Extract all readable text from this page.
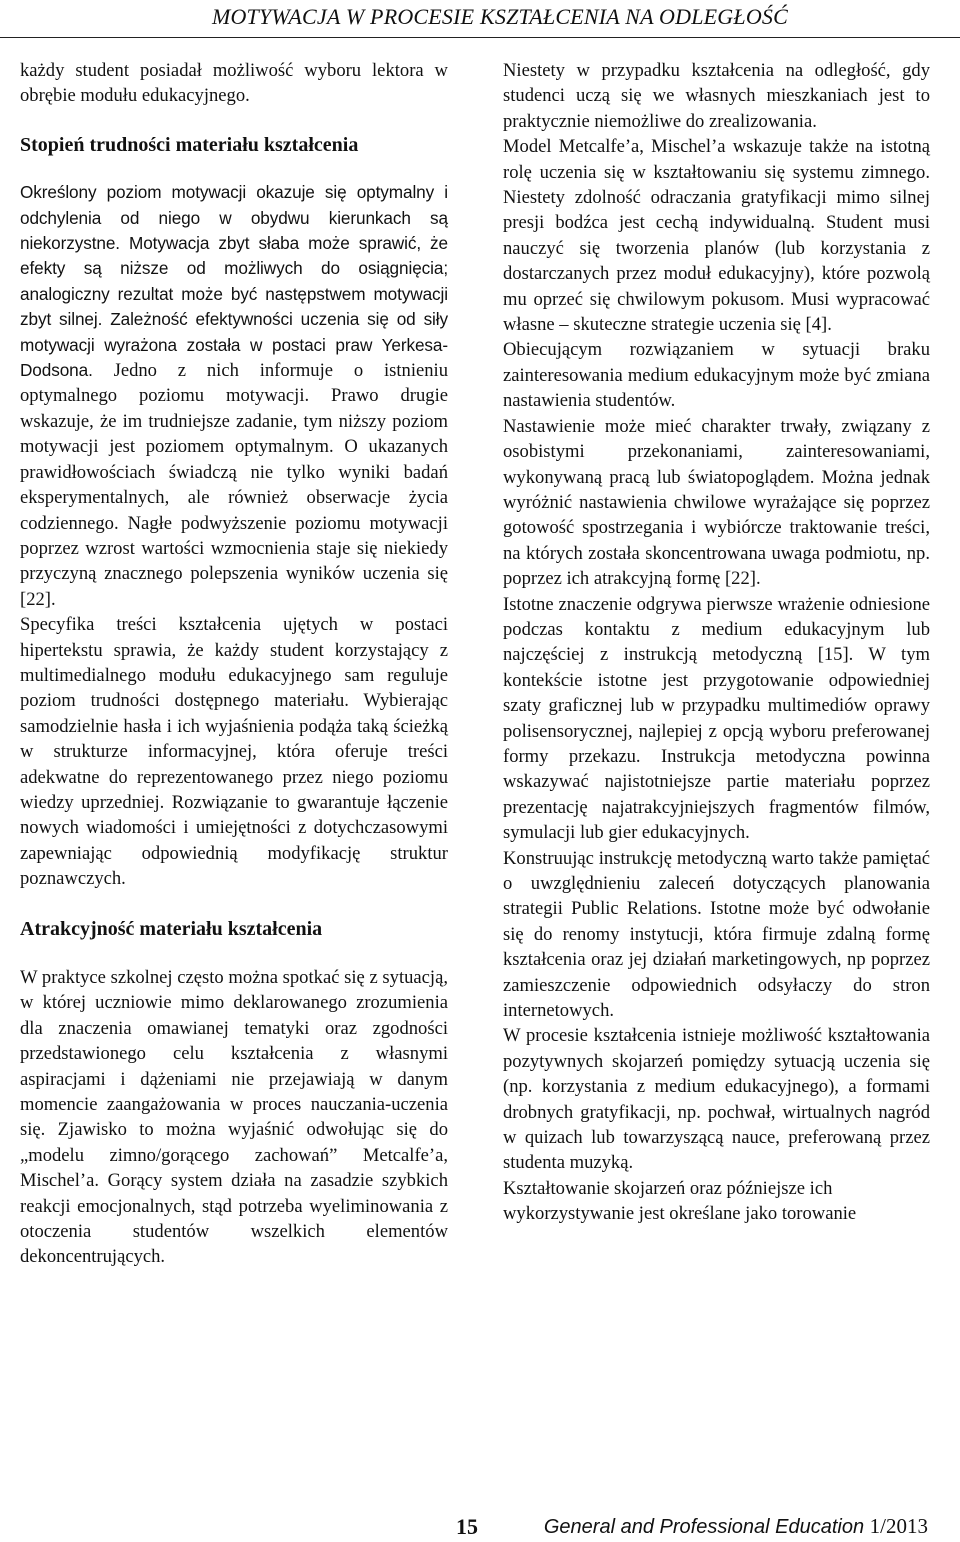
MOTYWACJA W PROCESIE KSZTAŁCENIA NA ODLEGŁOŚĆ

każdy student posiadał możliwość wyboru lektora w obrębie modułu edukacyjnego.

Stopień trudności materiału kształcenia

Określony poziom motywacji okazuje się optymalny i odchylenia od niego w obydwu kierunkach są niekorzystne. Motywacja zbyt słaba może sprawić, że efekty są niższe od możliwych do osiągnięcia; analogiczny rezultat może być następstwem motywacji zbyt silnej. Zależność efektywności uczenia się od siły motywacji wyrażona została w postaci praw Yerkesa-Dodsona. Jedno z nich informuje o istnieniu optymalnego poziomu motywacji. Prawo drugie wskazuje, że im trudniejsze zadanie, tym niższy poziom motywacji jest poziomem optymalnym. O ukazanych prawidłowościach świadczą nie tylko wyniki badań eksperymentalnych, ale również obserwacje życia codziennego. Nagłe podwyższenie poziomu motywacji poprzez wzrost wartości wzmocnienia staje się niekiedy przyczyną znacznego polepszenia wyników uczenia się [22].

Specyfika treści kształcenia ujętych w postaci hipertekstu sprawia, że każdy student korzystający z multimedialnego modułu edukacyjnego sam reguluje poziom trudności dostępnego materiału. Wybierając samodzielnie hasła i ich wyjaśnienia podąża taką ścieżką w strukturze informacyjnej, która oferuje treści adekwatne do reprezentowanego przez niego poziomu wiedzy uprzedniej. Rozwiązanie to gwarantuje łączenie nowych wiadomości i umiejętności z dotychczasowymi zapewniając odpowiednią modyfikację struktur poznawczych.

Atrakcyjność materiału kształcenia

W praktyce szkolnej często można spotkać się z sytuacją, w której uczniowie mimo deklarowanego zrozumienia dla znaczenia omawianej tematyki oraz zgodności przedstawionego celu kształcenia z własnymi aspiracjami i dążeniami nie przejawiają w danym momencie zaangażowania w proces nauczania-uczenia się. Zjawisko to można wyjaśnić odwołując się do „modelu zimno/gorącego zachowań” Metcalfe’a, Mischel’a. Gorący system działa na zasadzie szybkich reakcji emocjonalnych, stąd potrzeba wyeliminowania z otoczenia studentów wszelkich elementów dekoncentrujących.

Niestety w przypadku kształcenia na odległość, gdy studenci uczą się we własnych mieszkaniach jest to praktycznie niemożliwe do zrealizowania.

Model Metcalfe’a, Mischel’a wskazuje także na istotną rolę uczenia się w kształtowaniu się systemu zimnego. Niestety zdolność odraczania gratyfikacji mimo silnej presji bodźca jest cechą indywidualną. Student musi nauczyć się tworzenia planów (lub korzystania z dostarczanych przez moduł edukacyjny), które pozwolą mu oprzeć się chwilowym pokusom. Musi wypracować własne – skuteczne strategie uczenia się [4].

Obiecującym rozwiązaniem w sytuacji braku zainteresowania medium edukacyjnym może być zmiana nastawienia studentów.

Nastawienie może mieć charakter trwały, związany z osobistymi przekonaniami, zainteresowaniami, wykonywaną pracą lub światopoglądem. Można jednak wyróżnić nastawienia chwilowe wyrażające się poprzez gotowość spostrzegania i wybiórcze traktowanie treści, na których została skoncentrowana uwaga podmiotu, np. poprzez ich atrakcyjną formę [22].

Istotne znaczenie odgrywa pierwsze wrażenie odniesione podczas kontaktu z medium edukacyjnym lub najczęściej z instrukcją metodyczną [15]. W tym kontekście istotne jest przygotowanie odpowiedniej szaty graficznej lub w przypadku multimediów oprawy polisensorycznej, najlepiej z opcją wyboru preferowanej formy przekazu. Instrukcja metodyczna powinna wskazywać najistotniejsze partie materiału poprzez prezentację najatrakcyjniejszych fragmentów filmów, symulacji lub gier edukacyjnych.

Konstruując instrukcję metodyczną warto także pamiętać o uwzględnieniu zaleceń dotyczących planowania strategii Public Relations. Istotne może być odwołanie się do renomy instytucji, która firmuje zdalną formę kształcenia oraz jej działań marketingowych, np poprzez zamieszczenie odpowiednich odsyłaczy do stron internetowych.

W procesie kształcenia istnieje możliwość kształtowania pozytywnych skojarzeń pomiędzy sytuacją uczenia się (np. korzystania z medium edukacyjnego), a formami drobnych gratyfikacji, np. pochwał, wirtualnych nagród w quizach lub towarzyszącą nauce, preferowaną przez studenta muzyką.

Kształtowanie skojarzeń oraz późniejsze ich wykorzystywanie jest określane jako torowanie

15	General and Professional Education 1/2013
